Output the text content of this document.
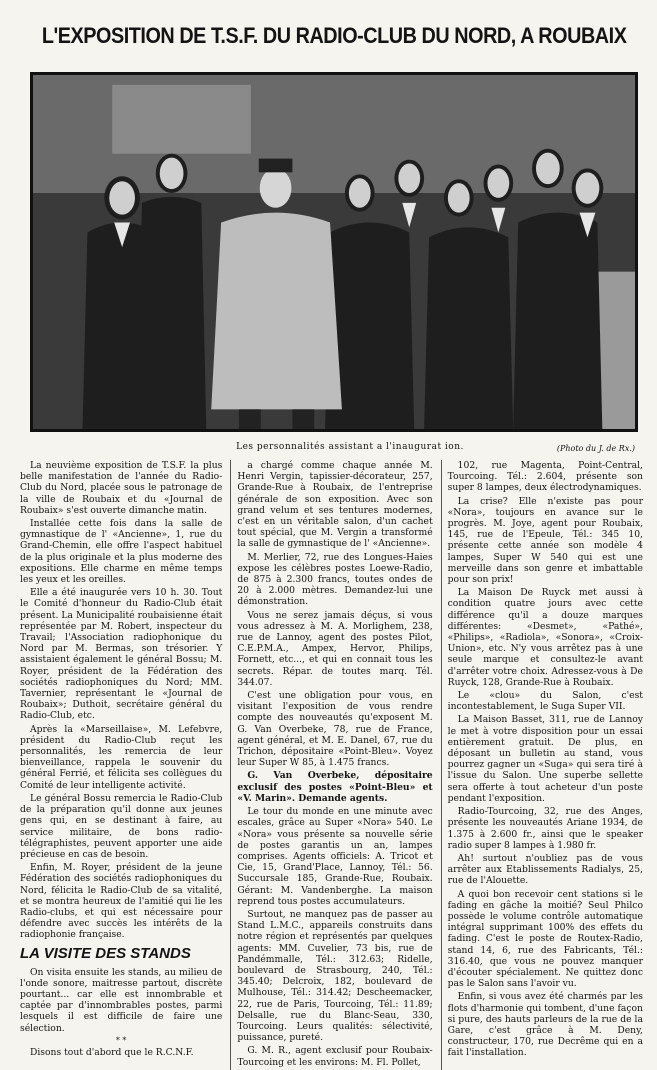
L'EXPOSITION DE T.S.F. DU RADIO-CLUB DU NORD, A ROUBAIX
Les personnalités assistant a l'inaugurat ion.	(Photo du J. de Rx.)

La neuvième exposition de T.S.F. la plus belle manifestation de l'année du Radio-Club du Nord, placée sous le patronage de la ville de Roubaix et du «Journal de Roubaix» s'est ouverte dimanche matin.

Installée cette fois dans la salle de gymnastique de l' «Ancienne», 1, rue du Grand-Chemin, elle offre l'aspect habituel de la plus originale et la plus moderne des expositions. Elle charme en même temps les yeux et les oreilles.

Elle a été inaugurée vers 10 h. 30. Tout le Comité d'honneur du Radio-Club était présent. La Municipalité roubaisienne était représentée par M. Robert, inspecteur du Travail; l'Association radiophonique du Nord par M. Bermas, son trésorier. Y assistaient également le général Bossu; M. Royer, président de la Fédération des sociétés radiophoniques du Nord; MM. Tavernier, représentant le «Journal de Roubaix»; Duthoit, secrétaire général du Radio-Club, etc.

Après la «Marseillaise», M. Lefebvre, président du Radio-Club reçut les personnalités, les remercia de leur bienveillance, rappela le souvenir du général Ferrié, et félicita ses collègues du Comité de leur intelligente activité.

Le général Bossu remercia le Radio-Club de la préparation qu'il donne aux jeunes gens qui, en se destinant à faire, au service militaire, de bons radio-télégraphistes, peuvent apporter une aide précieuse en cas de besoin.

Enfin, M. Royer, président de la jeune Fédération des sociétés radiophoniques du Nord, félicita le Radio-Club de sa vitalité, et se montra heureux de l'amitié qui lie les Radio-clubs, et qui est nécessaire pour défendre avec succès les intérêts de la radiophonie française.

LA VISITE DES STANDS

On visita ensuite les stands, au milieu de l'onde sonore, maitresse partout, discrète pourtant... car elle est innombrable et captée par d'innombrables postes, parmi lesquels il est difficile de faire une sélection.

* *

Disons tout d'abord que le R.C.N.F.

a chargé comme chaque année M. Henri Vergin, tapissier-décorateur, 257, Grande-Rue à Roubaix, de l'entreprise générale de son exposition. Avec son grand velum et ses tentures modernes, c'est en un véritable salon, d'un cachet tout spécial, que M. Vergin a transformé la salle de gymnastique de l' «Ancienne».

M. Merlier, 72, rue des Longues-Haies expose les célèbres postes Loewe-Radio, de 875 à 2.300 francs, toutes ondes de 20 à 2.000 mètres. Demandez-lui une démonstration.

Vous ne serez jamais déçus, si vous vous adressez à M. A. Morlighem, 238, rue de Lannoy, agent des postes Pilot, C.E.P.M.A., Ampex, Hervor, Philips, Fornett, etc..., et qui en connait tous les secrets. Répar. de toutes marq. Tél. 344.07.

C'est une obligation pour vous, en visitant l'exposition de vous rendre compte des nouveautés qu'exposent M. G. Van Overbeke, 78, rue de France, agent général, et M. E. Danel, 67, rue du Trichon, dépositaire «Point-Bleu». Voyez leur Super W 85, à 1.475 francs.

G. Van Overbeke, dépositaire exclusif des postes «Point-Bleu» et «V. Marin». Demande agents.

Le tour du monde en une minute avec escales, grâce au Super «Nora» 540. Le «Nora» vous présente sa nouvelle série de postes garantis un an, lampes comprises. Agents officiels: A. Tricot et Cie, 15, Grand'Place, Lannoy, Tél.: 56. Succursale 185, Grande-Rue, Roubaix. Gérant: M. Vandenberghe. La maison reprend tous postes accumulateurs.

Surtout, ne manquez pas de passer au Stand L.M.C., appareils construits dans notre région et représentés par quelques agents: MM. Cuvelier, 73 bis, rue de Pandémmalle, Tél.: 312.63; Ridelle, boulevard de Strasbourg, 240, Tél.: 345.40; Delcroix, 182, boulevard de Mulhouse, Tél.: 314.42; Descheemacker, 22, rue de Paris, Tourcoing, Tél.: 11.89; Delsalle, rue du Blanc-Seau, 330, Tourcoing. Leurs qualités: sélectivité, puissance, pureté.

G. M. R., agent exclusif pour Roubaix-Tourcoing et les environs: M. Fl. Pollet,

102, rue Magenta, Point-Central, Tourcoing. Tél.: 2.604, présente son super 8 lampes, deux électrodynamiques.

La crise? Elle n'existe pas pour «Nora», toujours en avance sur le progrès. M. Joye, agent pour Roubaix, 145, rue de l'Epeule, Tél.: 345 10, présente cette année son modèle 4 lampes, Super W 540 qui est une merveille dans son genre et imbattable pour son prix!

La Maison De Ruyck met aussi à condition quatre jours avec cette différence qu'il a douze marques différentes: «Desmet», «Pathé», «Philips», «Radiola», «Sonora», «Croix-Union», etc. N'y vous arrêtez pas à une seule marque et consultez-le avant d'arrêter votre choix. Adressez-vous à De Ruyck, 128, Grande-Rue à Roubaix.

Le «clou» du Salon, c'est incontestablement, le Suga Super VII.

La Maison Basset, 311, rue de Lannoy le met à votre disposition pour un essai entièrement gratuit. De plus, en déposant un bulletin au stand, vous pourrez gagner un «Suga» qui sera tiré à l'issue du Salon. Une superbe sellette sera offerte à tout acheteur d'un poste pendant l'exposition.

Radio-Tourcoing, 32, rue des Anges, présente les nouveautés Ariane 1934, de 1.375 à 2.600 fr., ainsi que le speaker radio super 8 lampes à 1.980 fr.

Ah! surtout n'oubliez pas de vous arrêter aux Etablissements Radialys, 25, rue de l'Alouette.

A quoi bon recevoir cent stations si le fading en gâche la moitié? Seul Philco possède le volume contrôle automatique intégral supprimant 100% des effets du fading. C'est le poste de Routex-Radio, stand 14, 6, rue des Fabricants, Tél.: 316.40, que vous ne pouvez manquer d'écouter spécialement. Ne quittez donc pas le Salon sans l'avoir vu.

Enfin, si vous avez été charmés par les flots d'harmonie qui tombent, d'une façon si pure, des hauts parleurs de la rue de la Gare, c'est grâce à M. Deny, constructeur, 170, rue Decrême qui en a fait l'installation.
